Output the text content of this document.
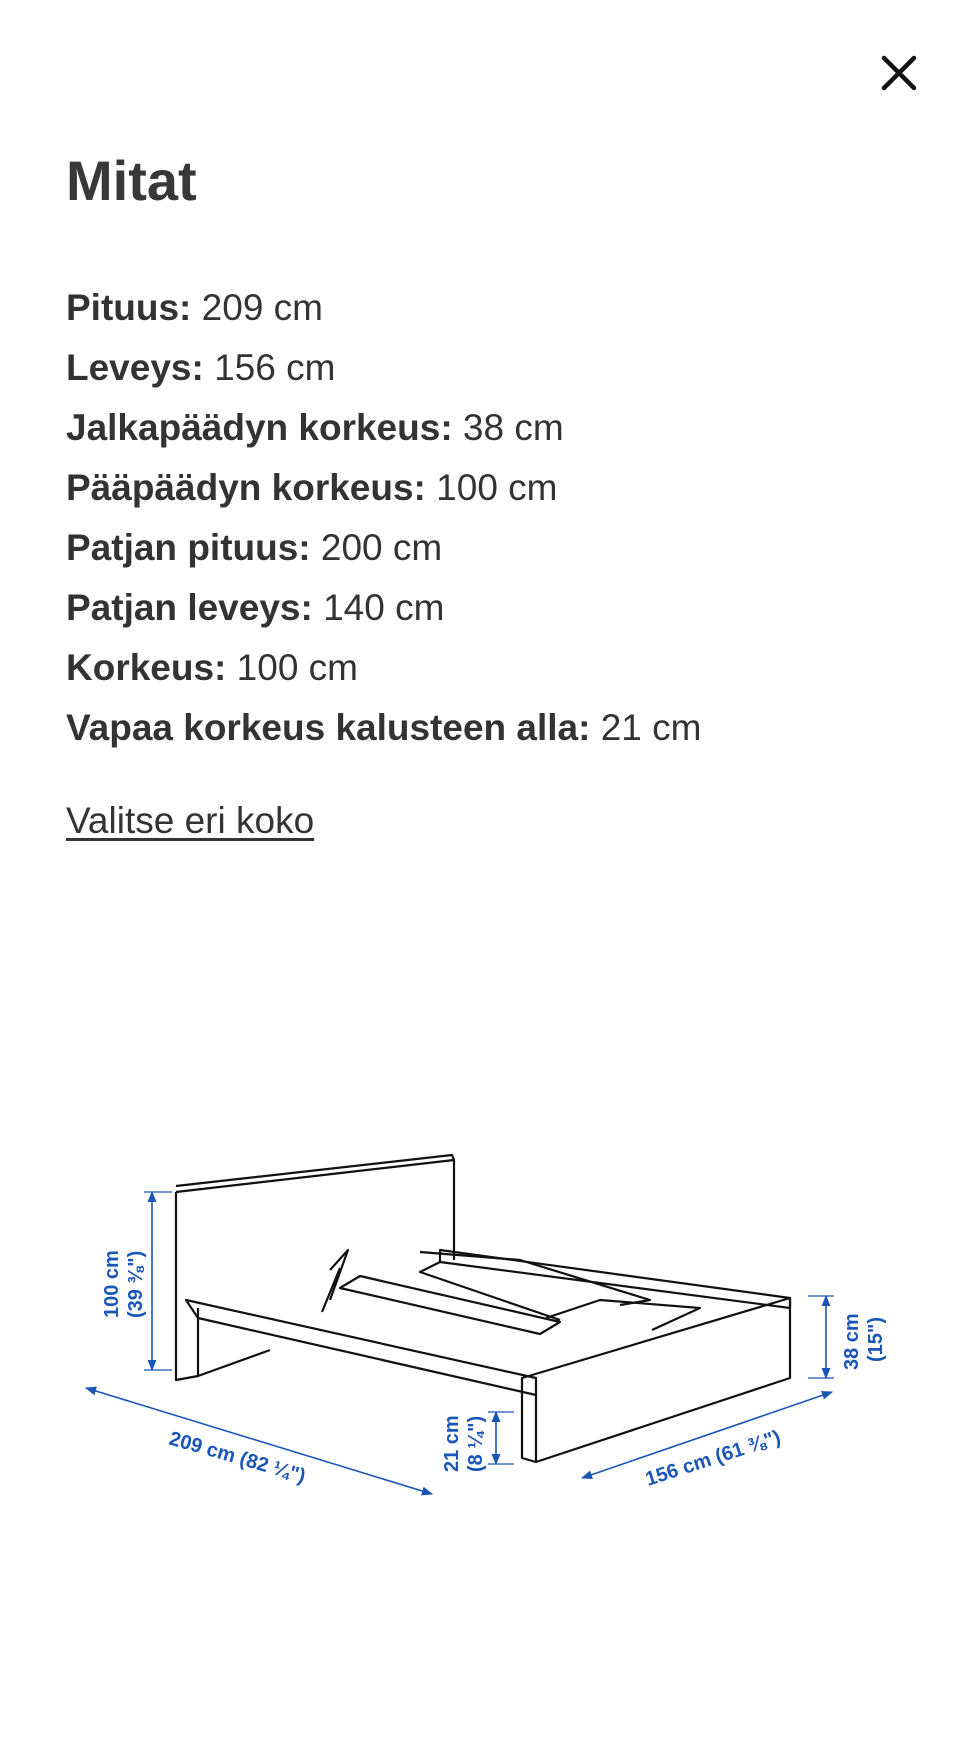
Mitat
Pituus: 209 cm
Leveys: 156 cm
Jalkapäädyn korkeus: 38 cm
Pääpäädyn korkeus: 100 cm
Patjan pituus: 200 cm
Patjan leveys: 140 cm
Korkeus: 100 cm
Vapaa korkeus kalusteen alla: 21 cm
Valitse eri koko
100 cm (39 ⅜")
209 cm (82 ¼")	21 cm (8 ¼")	156 cm (61 ⅜")
38 cm (15")
